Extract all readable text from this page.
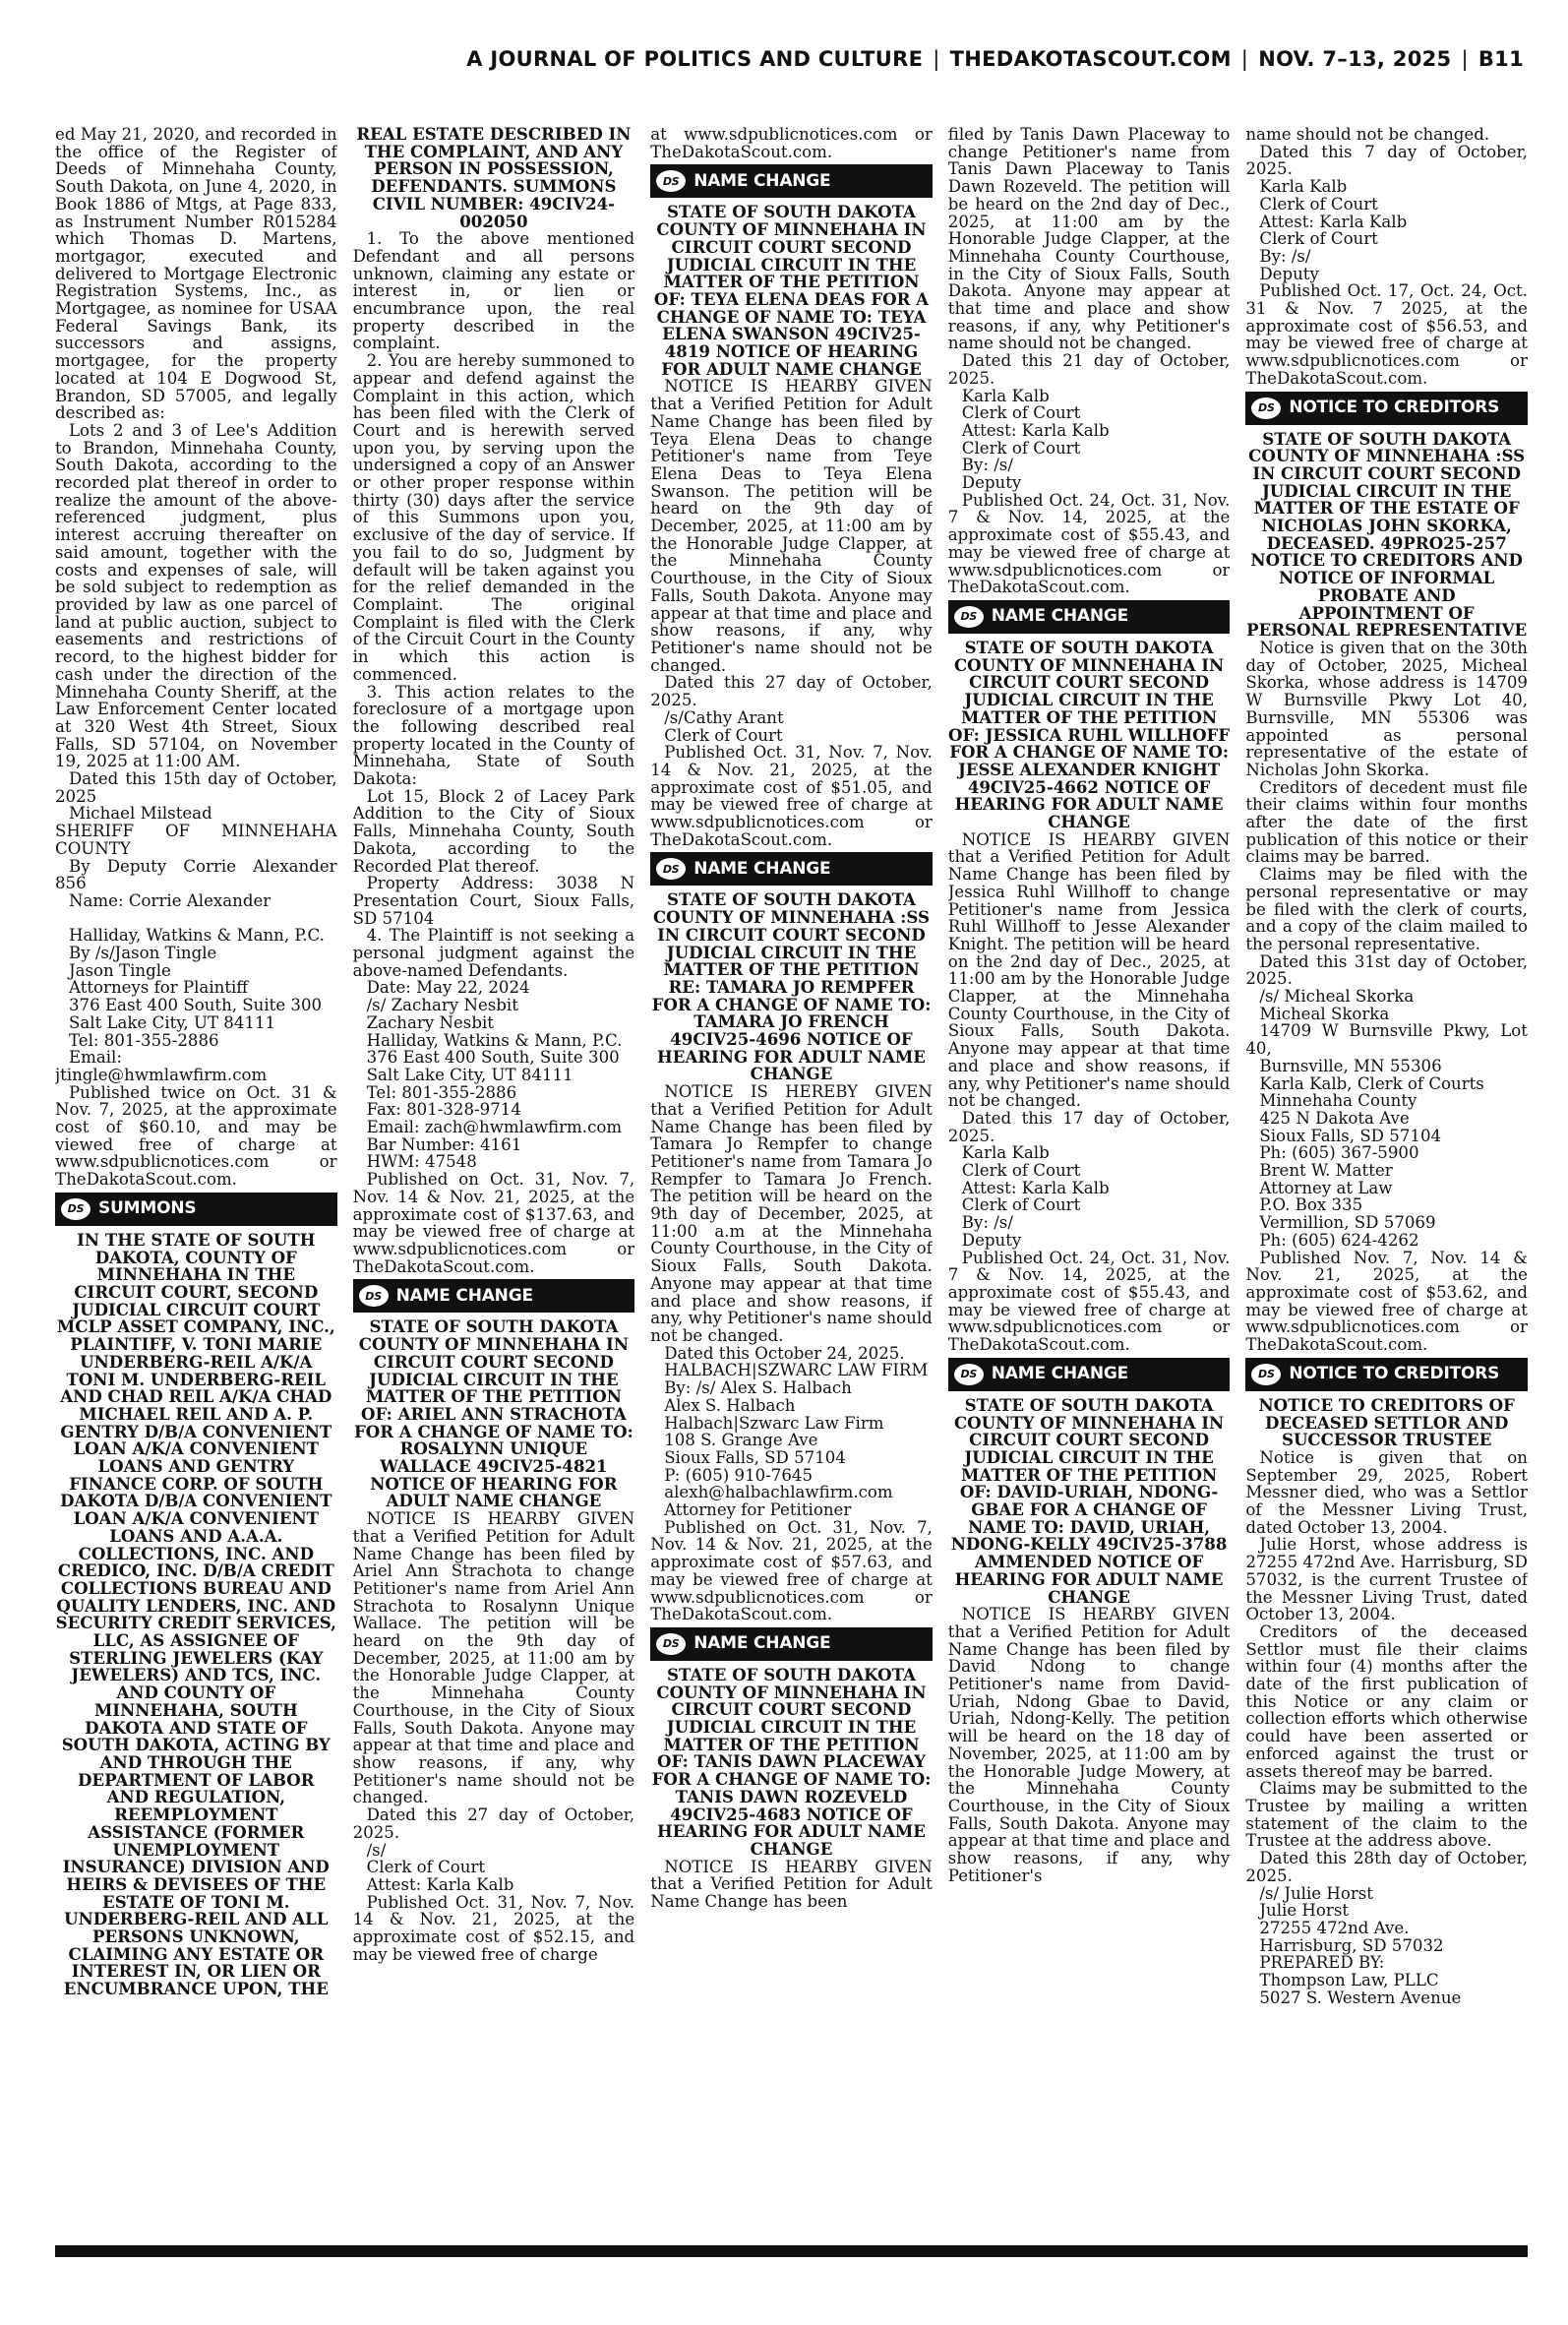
A JOURNAL OF POLITICS AND CULTURE | THEDAKOTASCOUT.COM | NOV. 7–13, 2025 | B11

ed May 21, 2020, and recorded in the office of the Register of Deeds of Minnehaha County, South Dakota, on June 4, 2020, in Book 1886 of Mtgs, at Page 833, as Instrument Number R015284 which Thomas D. Martens, mortgagor, executed and delivered to Mortgage Electronic Registration Systems, Inc., as Mortgagee, as nominee for USAA Federal Savings Bank, its successors and assigns, mortgagee, for the property located at 104 E Dogwood St, Brandon, SD 57005, and legally described as:

Lots 2 and 3 of Lee's Addition to Brandon, Minnehaha County, South Dakota, according to the recorded plat thereof in order to realize the amount of the above-referenced judgment, plus interest accruing thereafter on said amount, together with the costs and expenses of sale, will be sold subject to redemption as provided by law as one parcel of land at public auction, subject to easements and restrictions of record, to the highest bidder for cash under the direction of the Minnehaha County Sheriff, at the Law Enforcement Center located at 320 West 4th Street, Sioux Falls, SD 57104, on November 19, 2025 at 11:00 AM.

Dated this 15th day of October, 2025

Michael Milstead

SHERIFF OF MINNEHAHA COUNTY

By Deputy Corrie Alexander 856

Name: Corrie Alexander

Halliday, Watkins & Mann, P.C.

By /s/Jason Tingle

Jason Tingle

Attorneys for Plaintiff

376 East 400 South, Suite 300

Salt Lake City, UT 84111

Tel: 801-355-2886

Email: jtingle@hwmlawfirm.com

Published twice on Oct. 31 & Nov. 7, 2025, at the approximate cost of $60.10, and may be viewed free of charge at www.sdpublicnotices.com or TheDakotaScout.com.

DS SUMMONS

IN THE STATE OF SOUTH DAKOTA, COUNTY OF MINNEHAHA IN THE CIRCUIT COURT, SECOND JUDICIAL CIRCUIT COURT MCLP ASSET COMPANY, INC., PLAINTIFF, V. TONI MARIE UNDERBERG-REIL A/K/A TONI M. UNDERBERG-REIL AND CHAD REIL A/K/A CHAD MICHAEL REIL AND A. P. GENTRY D/B/A CONVENIENT LOAN A/K/A CONVENIENT LOANS AND GENTRY FINANCE CORP. OF SOUTH DAKOTA D/B/A CONVENIENT LOAN A/K/A CONVENIENT LOANS AND A.A.A. COLLECTIONS, INC. AND CREDICO, INC. D/B/A CREDIT COLLECTIONS BUREAU AND QUALITY LENDERS, INC. AND SECURITY CREDIT SERVICES, LLC, AS ASSIGNEE OF STERLING JEWELERS (KAY JEWELERS) AND TCS, INC. AND COUNTY OF MINNEHAHA, SOUTH DAKOTA AND STATE OF SOUTH DAKOTA, ACTING BY AND THROUGH THE DEPARTMENT OF LABOR AND REGULATION, REEMPLOYMENT ASSISTANCE (FORMER UNEMPLOYMENT INSURANCE) DIVISION AND HEIRS & DEVISEES OF THE ESTATE OF TONI M. UNDERBERG-REIL AND ALL PERSONS UNKNOWN, CLAIMING ANY ESTATE OR INTEREST IN, OR LIEN OR ENCUMBRANCE UPON, THE

REAL ESTATE DESCRIBED IN THE COMPLAINT, AND ANY PERSON IN POSSESSION, DEFENDANTS. SUMMONS CIVIL NUMBER: 49CIV24-002050

1. To the above mentioned Defendant and all persons unknown, claiming any estate or interest in, or lien or encumbrance upon, the real property described in the complaint.

2. You are hereby summoned to appear and defend against the Complaint in this action, which has been filed with the Clerk of Court and is herewith served upon you, by serving upon the undersigned a copy of an Answer or other proper response within thirty (30) days after the service of this Summons upon you, exclusive of the day of service. If you fail to do so, Judgment by default will be taken against you for the relief demanded in the Complaint. The original Complaint is filed with the Clerk of the Circuit Court in the County in which this action is commenced.

3. This action relates to the foreclosure of a mortgage upon the following described real property located in the County of Minnehaha, State of South Dakota:

Lot 15, Block 2 of Lacey Park Addition to the City of Sioux Falls, Minnehaha County, South Dakota, according to the Recorded Plat thereof.

Property Address: 3038 N Presentation Court, Sioux Falls, SD 57104

4. The Plaintiff is not seeking a personal judgment against the above-named Defendants.

Date: May 22, 2024

/s/ Zachary Nesbit

Zachary Nesbit

Halliday, Watkins & Mann, P.C.

376 East 400 South, Suite 300

Salt Lake City, UT 84111

Tel: 801-355-2886

Fax: 801-328-9714

Email: zach@hwmlawfirm.com

Bar Number: 4161

HWM: 47548

Published on Oct. 31, Nov. 7, Nov. 14 & Nov. 21, 2025, at the approximate cost of $137.63, and may be viewed free of charge at www.sdpublicnotices.com or TheDakotaScout.com.

DS NAME CHANGE

STATE OF SOUTH DAKOTA COUNTY OF MINNEHAHA IN CIRCUIT COURT SECOND JUDICIAL CIRCUIT IN THE MATTER OF THE PETITION OF: ARIEL ANN STRACHOTA FOR A CHANGE OF NAME TO: ROSALYNN UNIQUE WALLACE 49CIV25-4821 NOTICE OF HEARING FOR ADULT NAME CHANGE

NOTICE IS HEARBY GIVEN that a Verified Petition for Adult Name Change has been filed by Ariel Ann Strachota to change Petitioner's name from Ariel Ann Strachota to Rosalynn Unique Wallace. The petition will be heard on the 9th day of December, 2025, at 11:00 am by the Honorable Judge Clapper, at the Minnehaha County Courthouse, in the City of Sioux Falls, South Dakota. Anyone may appear at that time and place and show reasons, if any, why Petitioner's name should not be changed.

Dated this 27 day of October, 2025.

/s/

Clerk of Court

Attest: Karla Kalb

Published Oct. 31, Nov. 7, Nov. 14 & Nov. 21, 2025, at the approximate cost of $52.15, and may be viewed free of charge

at www.sdpublicnotices.com or TheDakotaScout.com.

DS NAME CHANGE

STATE OF SOUTH DAKOTA COUNTY OF MINNEHAHA IN CIRCUIT COURT SECOND JUDICIAL CIRCUIT IN THE MATTER OF THE PETITION OF: TEYA ELENA DEAS FOR A CHANGE OF NAME TO: TEYA ELENA SWANSON 49CIV25-4819 NOTICE OF HEARING FOR ADULT NAME CHANGE

NOTICE IS HEARBY GIVEN that a Verified Petition for Adult Name Change has been filed by Teya Elena Deas to change Petitioner's name from Teye Elena Deas to Teya Elena Swanson. The petition will be heard on the 9th day of December, 2025, at 11:00 am by the Honorable Judge Clapper, at the Minnehaha County Courthouse, in the City of Sioux Falls, South Dakota. Anyone may appear at that time and place and show reasons, if any, why Petitioner's name should not be changed.

Dated this 27 day of October, 2025.

/s/Cathy Arant

Clerk of Court

Published Oct. 31, Nov. 7, Nov. 14 & Nov. 21, 2025, at the approximate cost of $51.05, and may be viewed free of charge at www.sdpublicnotices.com or TheDakotaScout.com.

DS NAME CHANGE

STATE OF SOUTH DAKOTA COUNTY OF MINNEHAHA :SS IN CIRCUIT COURT SECOND JUDICIAL CIRCUIT IN THE MATTER OF THE PETITION RE: TAMARA JO REMPFER FOR A CHANGE OF NAME TO: TAMARA JO FRENCH 49CIV25-4696 NOTICE OF HEARING FOR ADULT NAME CHANGE

NOTICE IS HEREBY GIVEN that a Verified Petition for Adult Name Change has been filed by Tamara Jo Rempfer to change Petitioner's name from Tamara Jo Rempfer to Tamara Jo French. The petition will be heard on the 9th day of December, 2025, at 11:00 a.m at the Minnehaha County Courthouse, in the City of Sioux Falls, South Dakota. Anyone may appear at that time and place and show reasons, if any, why Petitioner's name should not be changed.

Dated this October 24, 2025.

HALBACH|SZWARC LAW FIRM

By: /s/ Alex S. Halbach

Alex S. Halbach

Halbach|Szwarc Law Firm

108 S. Grange Ave

Sioux Falls, SD 57104

P: (605) 910-7645

alexh@halbachlawfirm.com

Attorney for Petitioner

Published on Oct. 31, Nov. 7, Nov. 14 & Nov. 21, 2025, at the approximate cost of $57.63, and may be viewed free of charge at www.sdpublicnotices.com or TheDakotaScout.com.

DS NAME CHANGE

STATE OF SOUTH DAKOTA COUNTY OF MINNEHAHA IN CIRCUIT COURT SECOND JUDICIAL CIRCUIT IN THE MATTER OF THE PETITION OF: TANIS DAWN PLACEWAY FOR A CHANGE OF NAME TO: TANIS DAWN ROZEVELD 49CIV25-4683 NOTICE OF HEARING FOR ADULT NAME CHANGE

NOTICE IS HEARBY GIVEN that a Verified Petition for Adult Name Change has been

filed by Tanis Dawn Placeway to change Petitioner's name from Tanis Dawn Placeway to Tanis Dawn Rozeveld. The petition will be heard on the 2nd day of Dec., 2025, at 11:00 am by the Honorable Judge Clapper, at the Minnehaha County Courthouse, in the City of Sioux Falls, South Dakota. Anyone may appear at that time and place and show reasons, if any, why Petitioner's name should not be changed.

Dated this 21 day of October, 2025.

Karla Kalb

Clerk of Court

Attest: Karla Kalb

Clerk of Court

By: /s/

Deputy

Published Oct. 24, Oct. 31, Nov. 7 & Nov. 14, 2025, at the approximate cost of $55.43, and may be viewed free of charge at www.sdpublicnotices.com or TheDakotaScout.com.

DS NAME CHANGE

STATE OF SOUTH DAKOTA COUNTY OF MINNEHAHA IN CIRCUIT COURT SECOND JUDICIAL CIRCUIT IN THE MATTER OF THE PETITION OF: JESSICA RUHL WILLHOFF FOR A CHANGE OF NAME TO: JESSE ALEXANDER KNIGHT 49CIV25-4662 NOTICE OF HEARING FOR ADULT NAME CHANGE

NOTICE IS HEARBY GIVEN that a Verified Petition for Adult Name Change has been filed by Jessica Ruhl Willhoff to change Petitioner's name from Jessica Ruhl Willhoff to Jesse Alexander Knight. The petition will be heard on the 2nd day of Dec., 2025, at 11:00 am by the Honorable Judge Clapper, at the Minnehaha County Courthouse, in the City of Sioux Falls, South Dakota. Anyone may appear at that time and place and show reasons, if any, why Petitioner's name should not be changed.

Dated this 17 day of October, 2025.

Karla Kalb

Clerk of Court

Attest: Karla Kalb

Clerk of Court

By: /s/

Deputy

Published Oct. 24, Oct. 31, Nov. 7 & Nov. 14, 2025, at the approximate cost of $55.43, and may be viewed free of charge at www.sdpublicnotices.com or TheDakotaScout.com.

DS NAME CHANGE

STATE OF SOUTH DAKOTA COUNTY OF MINNEHAHA IN CIRCUIT COURT SECOND JUDICIAL CIRCUIT IN THE MATTER OF THE PETITION OF: DAVID-URIAH, NDONG-GBAE FOR A CHANGE OF NAME TO: DAVID, URIAH, NDONG-KELLY 49CIV25-3788 AMMENDED NOTICE OF HEARING FOR ADULT NAME CHANGE

NOTICE IS HEARBY GIVEN that a Verified Petition for Adult Name Change has been filed by David Ndong to change Petitioner's name from David-Uriah, Ndong Gbae to David, Uriah, Ndong-Kelly. The petition will be heard on the 18 day of November, 2025, at 11:00 am by the Honorable Judge Mowery, at the Minnehaha County Courthouse, in the City of Sioux Falls, South Dakota. Anyone may appear at that time and place and show reasons, if any, why Petitioner's

name should not be changed.

Dated this 7 day of October, 2025.

Karla Kalb

Clerk of Court

Attest: Karla Kalb

Clerk of Court

By: /s/

Deputy

Published Oct. 17, Oct. 24, Oct. 31 & Nov. 7 2025, at the approximate cost of $56.53, and may be viewed free of charge at www.sdpublicnotices.com or TheDakotaScout.com.

DS NOTICE TO CREDITORS

STATE OF SOUTH DAKOTA COUNTY OF MINNEHAHA :SS IN CIRCUIT COURT SECOND JUDICIAL CIRCUIT IN THE MATTER OF THE ESTATE OF NICHOLAS JOHN SKORKA, DECEASED. 49PRO25-257 NOTICE TO CREDITORS AND NOTICE OF INFORMAL PROBATE AND APPOINTMENT OF PERSONAL REPRESENTATIVE

Notice is given that on the 30th day of October, 2025, Micheal Skorka, whose address is 14709 W Burnsville Pkwy Lot 40, Burnsville, MN 55306 was appointed as personal representative of the estate of Nicholas John Skorka.

Creditors of decedent must file their claims within four months after the date of the first publication of this notice or their claims may be barred.

Claims may be filed with the personal representative or may be filed with the clerk of courts, and a copy of the claim mailed to the personal representative.

Dated this 31st day of October, 2025.

/s/ Micheal Skorka

Micheal Skorka

14709 W Burnsville Pkwy, Lot 40,

Burnsville, MN 55306

Karla Kalb, Clerk of Courts

Minnehaha County

425 N Dakota Ave

Sioux Falls, SD 57104

Ph: (605) 367-5900

Brent W. Matter

Attorney at Law

P.O. Box 335

Vermillion, SD 57069

Ph: (605) 624-4262

Published Nov. 7, Nov. 14 & Nov. 21, 2025, at the approximate cost of $53.62, and may be viewed free of charge at www.sdpublicnotices.com or TheDakotaScout.com.

DS NOTICE TO CREDITORS

NOTICE TO CREDITORS OF DECEASED SETTLOR AND SUCCESSOR TRUSTEE

Notice is given that on September 29, 2025, Robert Messner died, who was a Settlor of the Messner Living Trust, dated October 13, 2004.

Julie Horst, whose address is 27255 472nd Ave. Harrisburg, SD 57032, is the current Trustee of the Messner Living Trust, dated October 13, 2004.

Creditors of the deceased Settlor must file their claims within four (4) months after the date of the first publication of this Notice or any claim or collection efforts which otherwise could have been asserted or enforced against the trust or assets thereof may be barred.

Claims may be submitted to the Trustee by mailing a written statement of the claim to the Trustee at the address above.

Dated this 28th day of October, 2025.

/s/ Julie Horst

Julie Horst

27255 472nd Ave.

Harrisburg, SD 57032

PREPARED BY:

Thompson Law, PLLC

5027 S. Western Avenue
